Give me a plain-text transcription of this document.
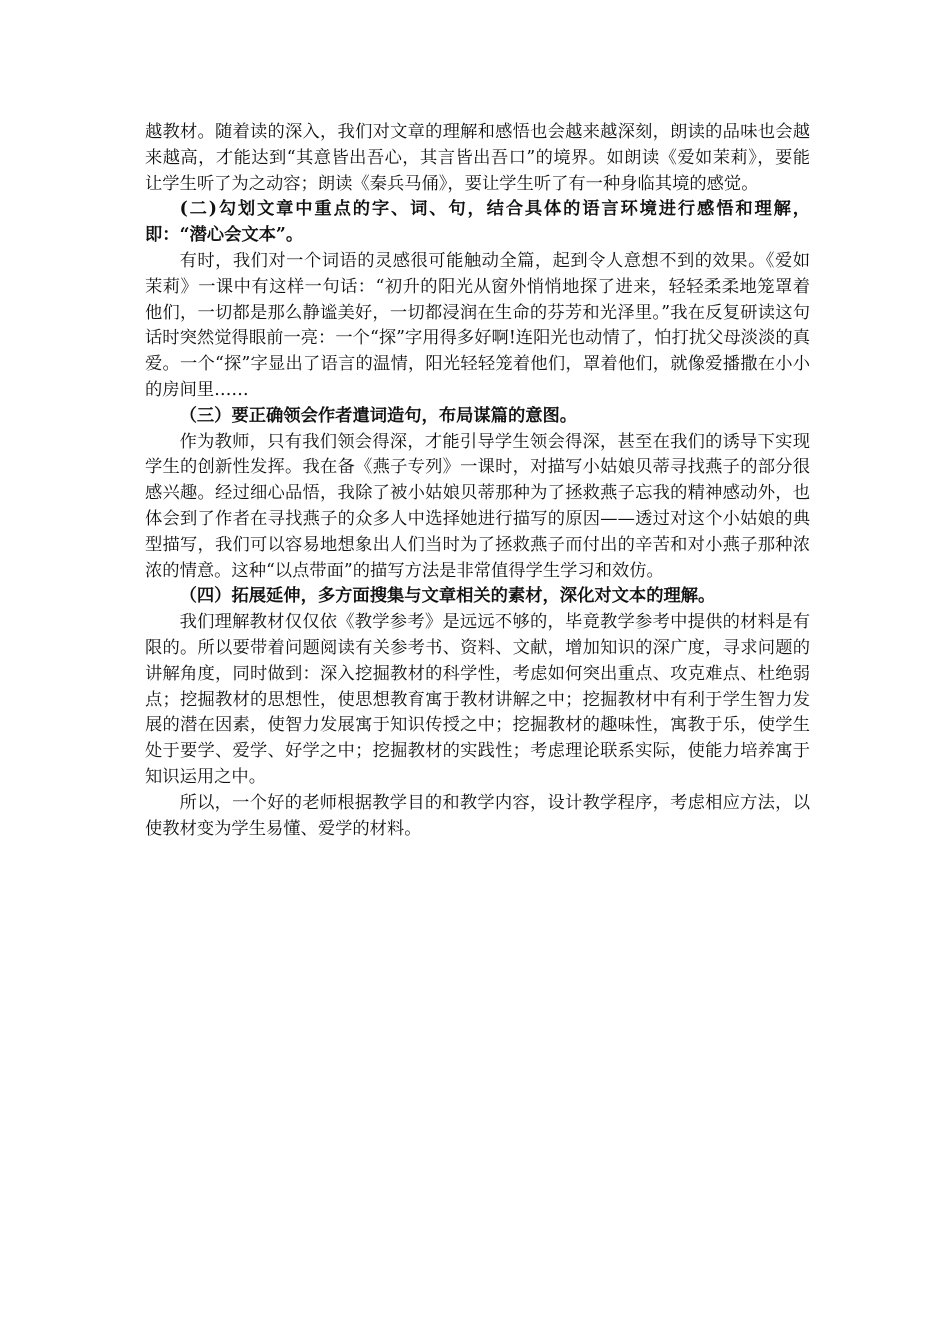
越教材。随着读的深入，我们对文章的理解和感悟也会越来越深刻，朗读的品味也会越来越高，才能达到“其意皆出吾心，其言皆出吾口”的境界。如朗读《爱如茉莉》，要能让学生听了为之动容；朗读《秦兵马俑》，要让学生听了有一种身临其境的感觉。

(二)勾划文章中重点的字、词、句，结合具体的语言环境进行感悟和理解，即：“潜心会文本”。

有时，我们对一个词语的灵感很可能触动全篇，起到令人意想不到的效果。《爱如茉莉》一课中有这样一句话：“初升的阳光从窗外悄悄地探了进来，轻轻柔柔地笼罩着他们，一切都是那么静谧美好，一切都浸润在生命的芬芳和光泽里。”我在反复研读这句话时突然觉得眼前一亮：一个“探”字用得多好啊!连阳光也动情了，怕打扰父母淡淡的真爱。一个“探”字显出了语言的温情，阳光轻轻笼着他们，罩着他们，就像爱播撒在小小的房间里……

（三）要正确领会作者遣词造句，布局谋篇的意图。

作为教师，只有我们领会得深，才能引导学生领会得深，甚至在我们的诱导下实现学生的创新性发挥。我在备《燕子专列》一课时，对描写小姑娘贝蒂寻找燕子的部分很感兴趣。经过细心品悟，我除了被小姑娘贝蒂那种为了拯救燕子忘我的精神感动外，也体会到了作者在寻找燕子的众多人中选择她进行描写的原因——透过对这个小姑娘的典型描写，我们可以容易地想象出人们当时为了拯救燕子而付出的辛苦和对小燕子那种浓浓的情意。这种“以点带面”的描写方法是非常值得学生学习和效仿。

（四）拓展延伸，多方面搜集与文章相关的素材，深化对文本的理解。

我们理解教材仅仅依《教学参考》是远远不够的，毕竟教学参考中提供的材料是有限的。所以要带着问题阅读有关参考书、资料、文献，增加知识的深广度，寻求问题的讲解角度，同时做到：深入挖掘教材的科学性，考虑如何突出重点、攻克难点、杜绝弱点；挖掘教材的思想性，使思想教育寓于教材讲解之中；挖掘教材中有利于学生智力发展的潜在因素，使智力发展寓于知识传授之中；挖掘教材的趣味性，寓教于乐，使学生处于要学、爱学、好学之中；挖掘教材的实践性；考虑理论联系实际，使能力培养寓于知识运用之中。

所以，一个好的老师根据教学目的和教学内容，设计教学程序，考虑相应方法，以使教材变为学生易懂、爱学的材料。
